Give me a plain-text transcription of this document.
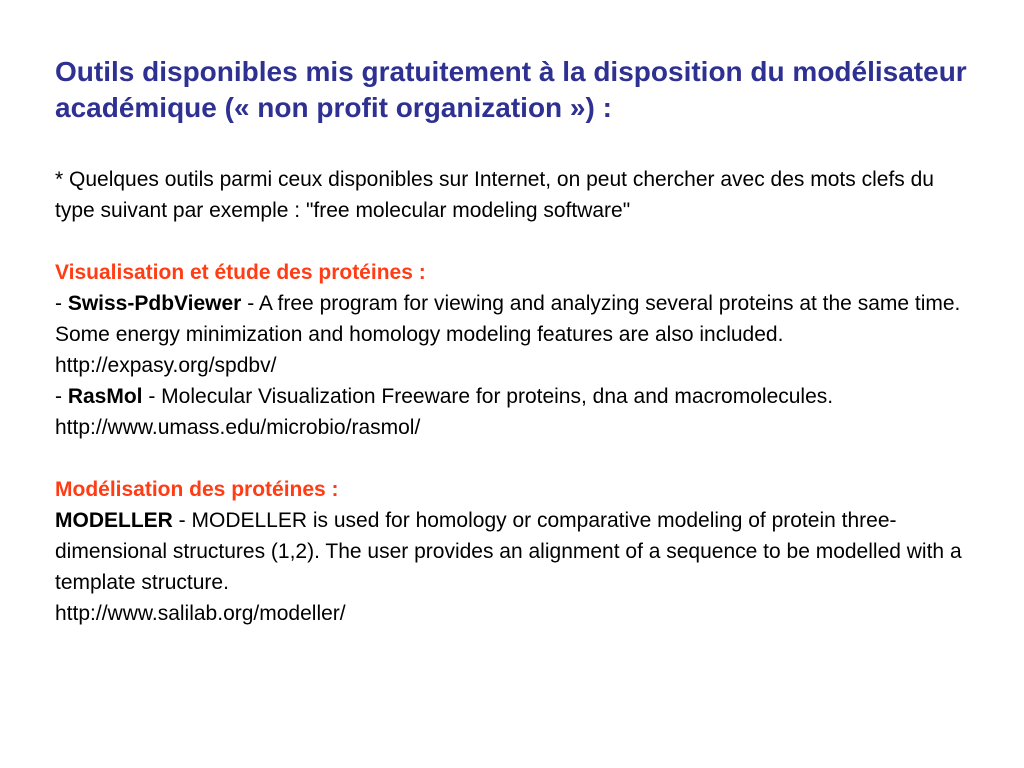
Outils disponibles mis gratuitement à la disposition du modélisateur académique (« non profit organization ») :

* Quelques outils parmi ceux disponibles sur Internet, on peut chercher avec des mots clefs du type suivant par exemple : "free molecular modeling software"

Visualisation et étude des protéines :

- Swiss-PdbViewer - A free program for viewing and analyzing several proteins at the same time. Some energy minimization and homology modeling features are also included.

http://expasy.org/spdbv/

- RasMol - Molecular Visualization Freeware for proteins, dna and macromolecules.

http://www.umass.edu/microbio/rasmol/

Modélisation des protéines :

MODELLER - MODELLER is used for homology or comparative modeling of protein three-dimensional structures (1,2). The user provides an alignment of a sequence to be modelled with a template structure.

http://www.salilab.org/modeller/
